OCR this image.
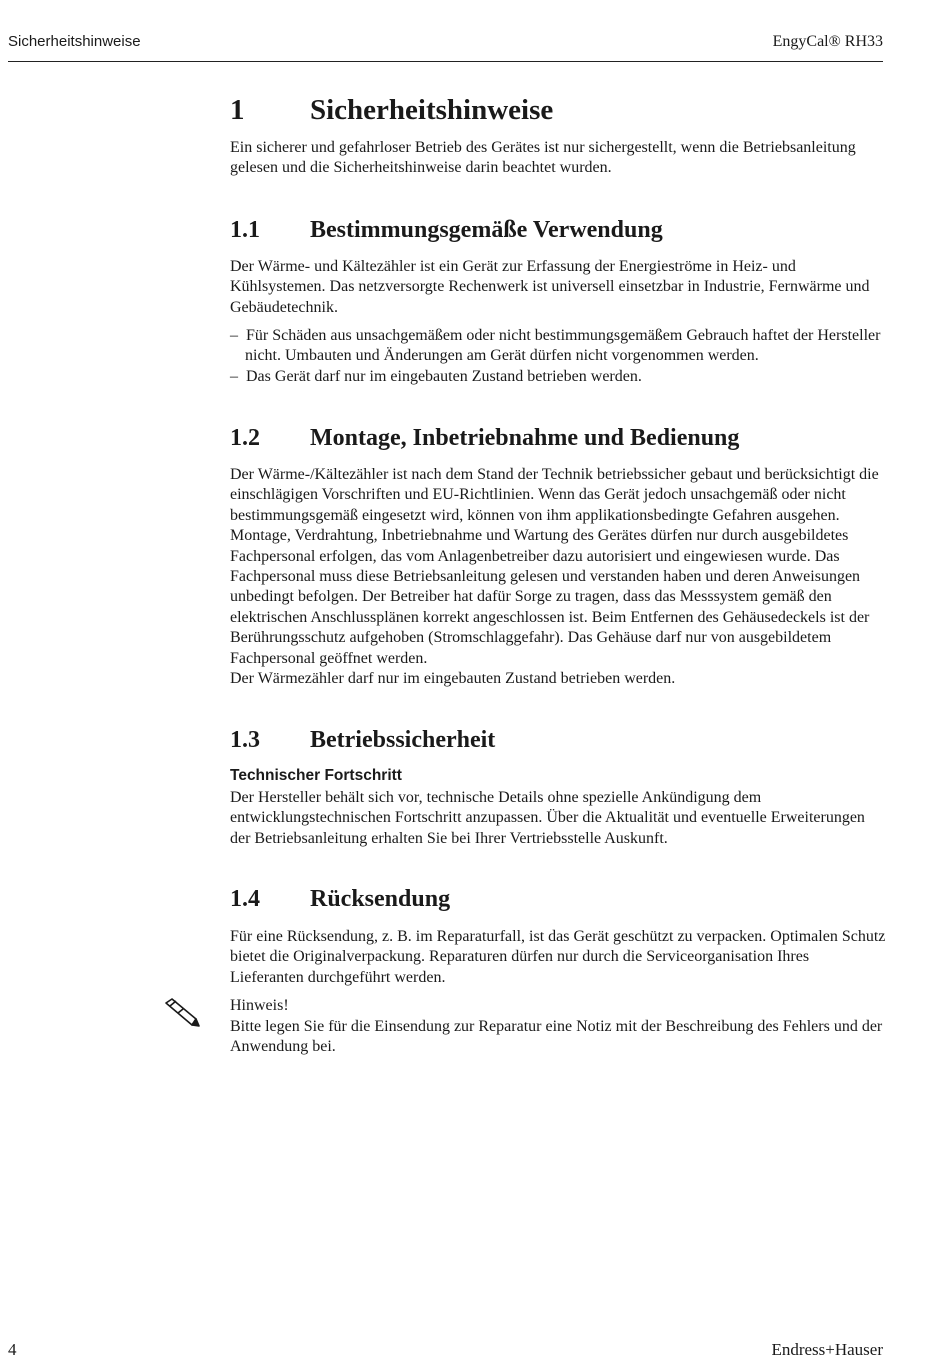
Sicherheitshinweise	EngyCal® RH33
1 Sicherheitshinweise

Ein sicherer und gefahrloser Betrieb des Gerätes ist nur sichergestellt, wenn die Betriebsanleitung gelesen und die Sicherheitshinweise darin beachtet wurden.

1.1 Bestimmungsgemäße Verwendung

Der Wärme- und Kältezähler ist ein Gerät zur Erfassung der Energieströme in Heiz- und Kühlsystemen. Das netzversorgte Rechenwerk ist universell einsetzbar in Industrie, Fernwärme und Gebäudetechnik.

–  Für Schäden aus unsachgemäßem oder nicht bestimmungsgemäßem Gebrauch haftet der Hersteller nicht. Umbauten und Änderungen am Gerät dürfen nicht vorgenommen werden.
–  Das Gerät darf nur im eingebauten Zustand betrieben werden.
1.2 Montage, Inbetriebnahme und Bedienung

Der Wärme-/Kältezähler ist nach dem Stand der Technik betriebssicher gebaut und berücksichtigt die einschlägigen Vorschriften und EU-Richtlinien. Wenn das Gerät jedoch unsachgemäß oder nicht bestimmungsgemäß eingesetzt wird, können von ihm applikationsbedingte Gefahren ausgehen. Montage, Verdrahtung, Inbetriebnahme und Wartung des Gerätes dürfen nur durch ausgebildetes Fachpersonal erfolgen, das vom Anlagenbetreiber dazu autorisiert und eingewiesen wurde. Das Fachpersonal muss diese Betriebsanleitung gelesen und verstanden haben und deren Anweisungen unbedingt befolgen. Der Betreiber hat dafür Sorge zu tragen, dass das Messsystem gemäß den elektrischen Anschlussplänen korrekt angeschlossen ist. Beim Entfernen des Gehäusedeckels ist der Berührungsschutz aufgehoben (Stromschlaggefahr). Das Gehäuse darf nur von ausgebildetem Fachpersonal geöffnet werden.

Der Wärmezähler darf nur im eingebauten Zustand betrieben werden.

1.3 Betriebssicherheit
Technischer Fortschritt

Der Hersteller behält sich vor, technische Details ohne spezielle Ankündigung dem entwicklungstechnischen Fortschritt anzupassen. Über die Aktualität und eventuelle Erweiterungen der Betriebsanleitung erhalten Sie bei Ihrer Vertriebsstelle Auskunft.

1.4 Rücksendung

Für eine Rücksendung, z. B. im Reparaturfall, ist das Gerät geschützt zu verpacken. Optimalen Schutz bietet die Originalverpackung. Reparaturen dürfen nur durch die Serviceorganisation Ihres Lieferanten durchgeführt werden.

Hinweis!

Bitte legen Sie für die Einsendung zur Reparatur eine Notiz mit der Beschreibung des Fehlers und der Anwendung bei.

4	Endress+Hauser
